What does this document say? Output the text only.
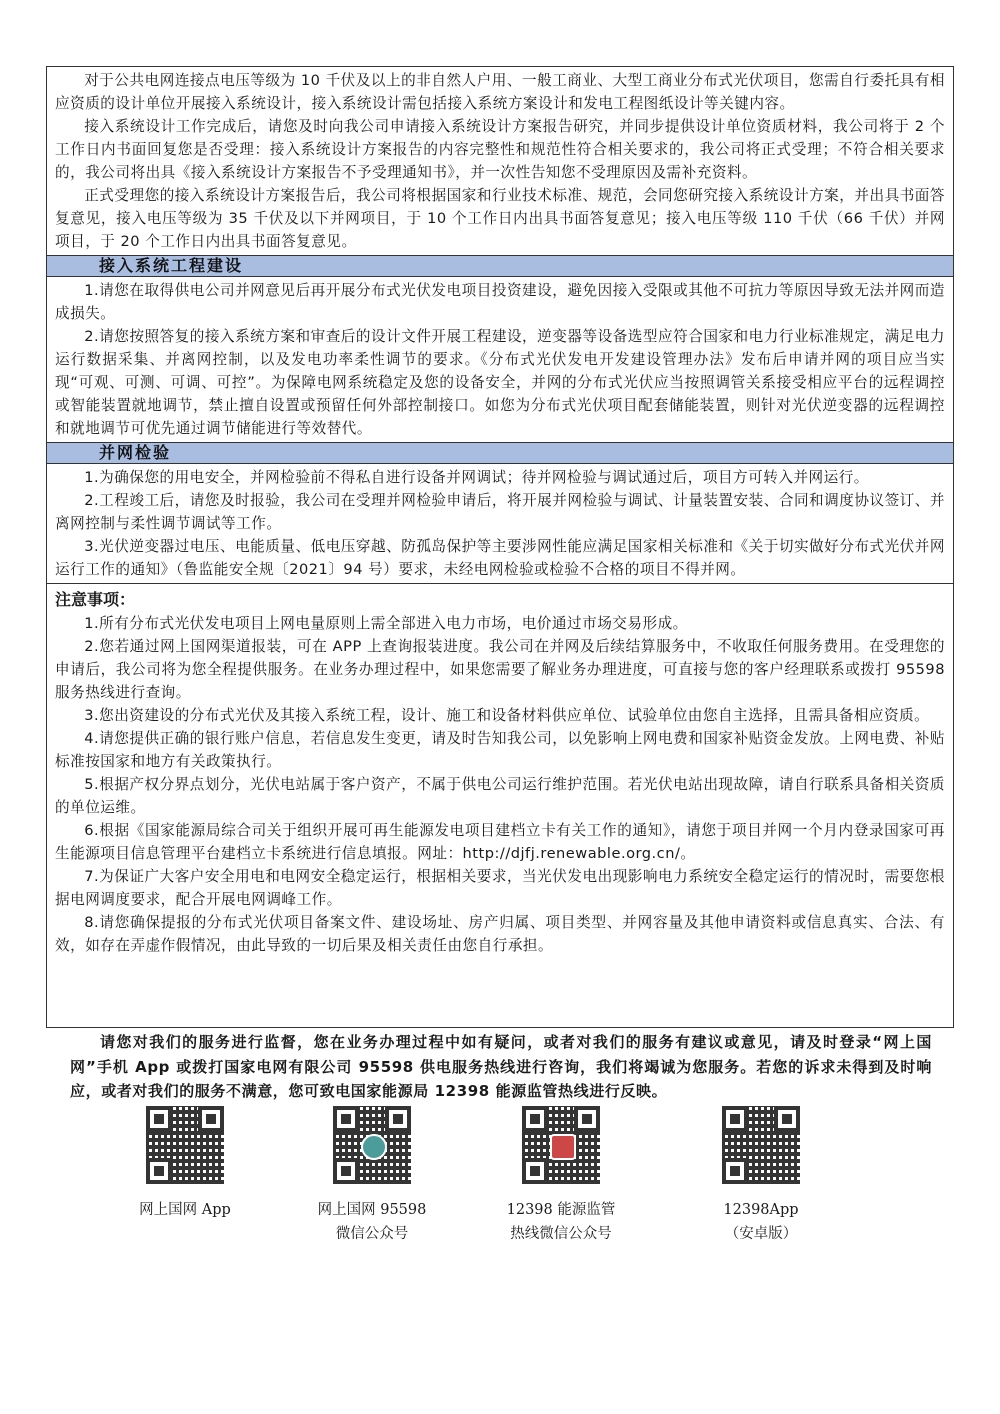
对于公共电网连接点电压等级为 10 千伏及以上的非自然人户用、一般工商业、大型工商业分布式光伏项目，您需自行委托具有相应资质的设计单位开展接入系统设计，接入系统设计需包括接入系统方案设计和发电工程图纸设计等关键内容。

接入系统设计工作完成后，请您及时向我公司申请接入系统设计方案报告研究，并同步提供设计单位资质材料，我公司将于 2 个工作日内书面回复您是否受理：接入系统设计方案报告的内容完整性和规范性符合相关要求的，我公司将正式受理；不符合相关要求的，我公司将出具《接入系统设计方案报告不予受理通知书》，并一次性告知您不受理原因及需补充资料。

正式受理您的接入系统设计方案报告后，我公司将根据国家和行业技术标准、规范，会同您研究接入系统设计方案，并出具书面答复意见，接入电压等级为 35 千伏及以下并网项目，于 10 个工作日内出具书面答复意见；接入电压等级 110 千伏（66 千伏）并网项目，于 20 个工作日内出具书面答复意见。

接入系统工程建设

1.请您在取得供电公司并网意见后再开展分布式光伏发电项目投资建设，避免因接入受限或其他不可抗力等原因导致无法并网而造成损失。

2.请您按照答复的接入系统方案和审查后的设计文件开展工程建设，逆变器等设备选型应符合国家和电力行业标准规定，满足电力运行数据采集、并离网控制，以及发电功率柔性调节的要求。《分布式光伏发电开发建设管理办法》发布后申请并网的项目应当实现“可观、可测、可调、可控”。为保障电网系统稳定及您的设备安全，并网的分布式光伏应当按照调管关系接受相应平台的远程调控或智能装置就地调节，禁止擅自设置或预留任何外部控制接口。如您为分布式光伏项目配套储能装置，则针对光伏逆变器的远程调控和就地调节可优先通过调节储能进行等效替代。

并网检验

1.为确保您的用电安全，并网检验前不得私自进行设备并网调试；待并网检验与调试通过后，项目方可转入并网运行。

2.工程竣工后，请您及时报验，我公司在受理并网检验申请后，将开展并网检验与调试、计量装置安装、合同和调度协议签订、并离网控制与柔性调节调试等工作。

3.光伏逆变器过电压、电能质量、低电压穿越、防孤岛保护等主要涉网性能应满足国家相关标准和《关于切实做好分布式光伏并网运行工作的通知》（鲁监能安全规〔2021〕94 号）要求，未经电网检验或检验不合格的项目不得并网。

注意事项：

1.所有分布式光伏发电项目上网电量原则上需全部进入电力市场，电价通过市场交易形成。

2.您若通过网上国网渠道报装，可在 APP 上查询报装进度。我公司在并网及后续结算服务中，不收取任何服务费用。在受理您的申请后，我公司将为您全程提供服务。在业务办理过程中，如果您需要了解业务办理进度，可直接与您的客户经理联系或拨打 95598 服务热线进行查询。

3.您出资建设的分布式光伏及其接入系统工程，设计、施工和设备材料供应单位、试验单位由您自主选择，且需具备相应资质。

4.请您提供正确的银行账户信息，若信息发生变更，请及时告知我公司，以免影响上网电费和国家补贴资金发放。上网电费、补贴标准按国家和地方有关政策执行。

5.根据产权分界点划分，光伏电站属于客户资产，不属于供电公司运行维护范围。若光伏电站出现故障，请自行联系具备相关资质的单位运维。

6.根据《国家能源局综合司关于组织开展可再生能源发电项目建档立卡有关工作的通知》，请您于项目并网一个月内登录国家可再生能源项目信息管理平台建档立卡系统进行信息填报。网址：http://djfj.renewable.org.cn/。

7.为保证广大客户安全用电和电网安全稳定运行，根据相关要求，当光伏发电出现影响电力系统安全稳定运行的情况时，需要您根据电网调度要求，配合开展电网调峰工作。

8.请您确保提报的分布式光伏项目备案文件、建设场址、房产归属、项目类型、并网容量及其他申请资料或信息真实、合法、有效，如存在弄虚作假情况，由此导致的一切后果及相关责任由您自行承担。

请您对我们的服务进行监督，您在业务办理过程中如有疑问，或者对我们的服务有建议或意见，请及时登录“网上国网”手机 App 或拨打国家电网有限公司 95598 供电服务热线进行咨询，我们将竭诚为您服务。若您的诉求未得到及时响应，或者对我们的服务不满意，您可致电国家能源局 12398 能源监管热线进行反映。
网上国网 App	网上国网 95598
微信公众号
12398 能源监管
热线微信公众号
12398App
（安卓版）
